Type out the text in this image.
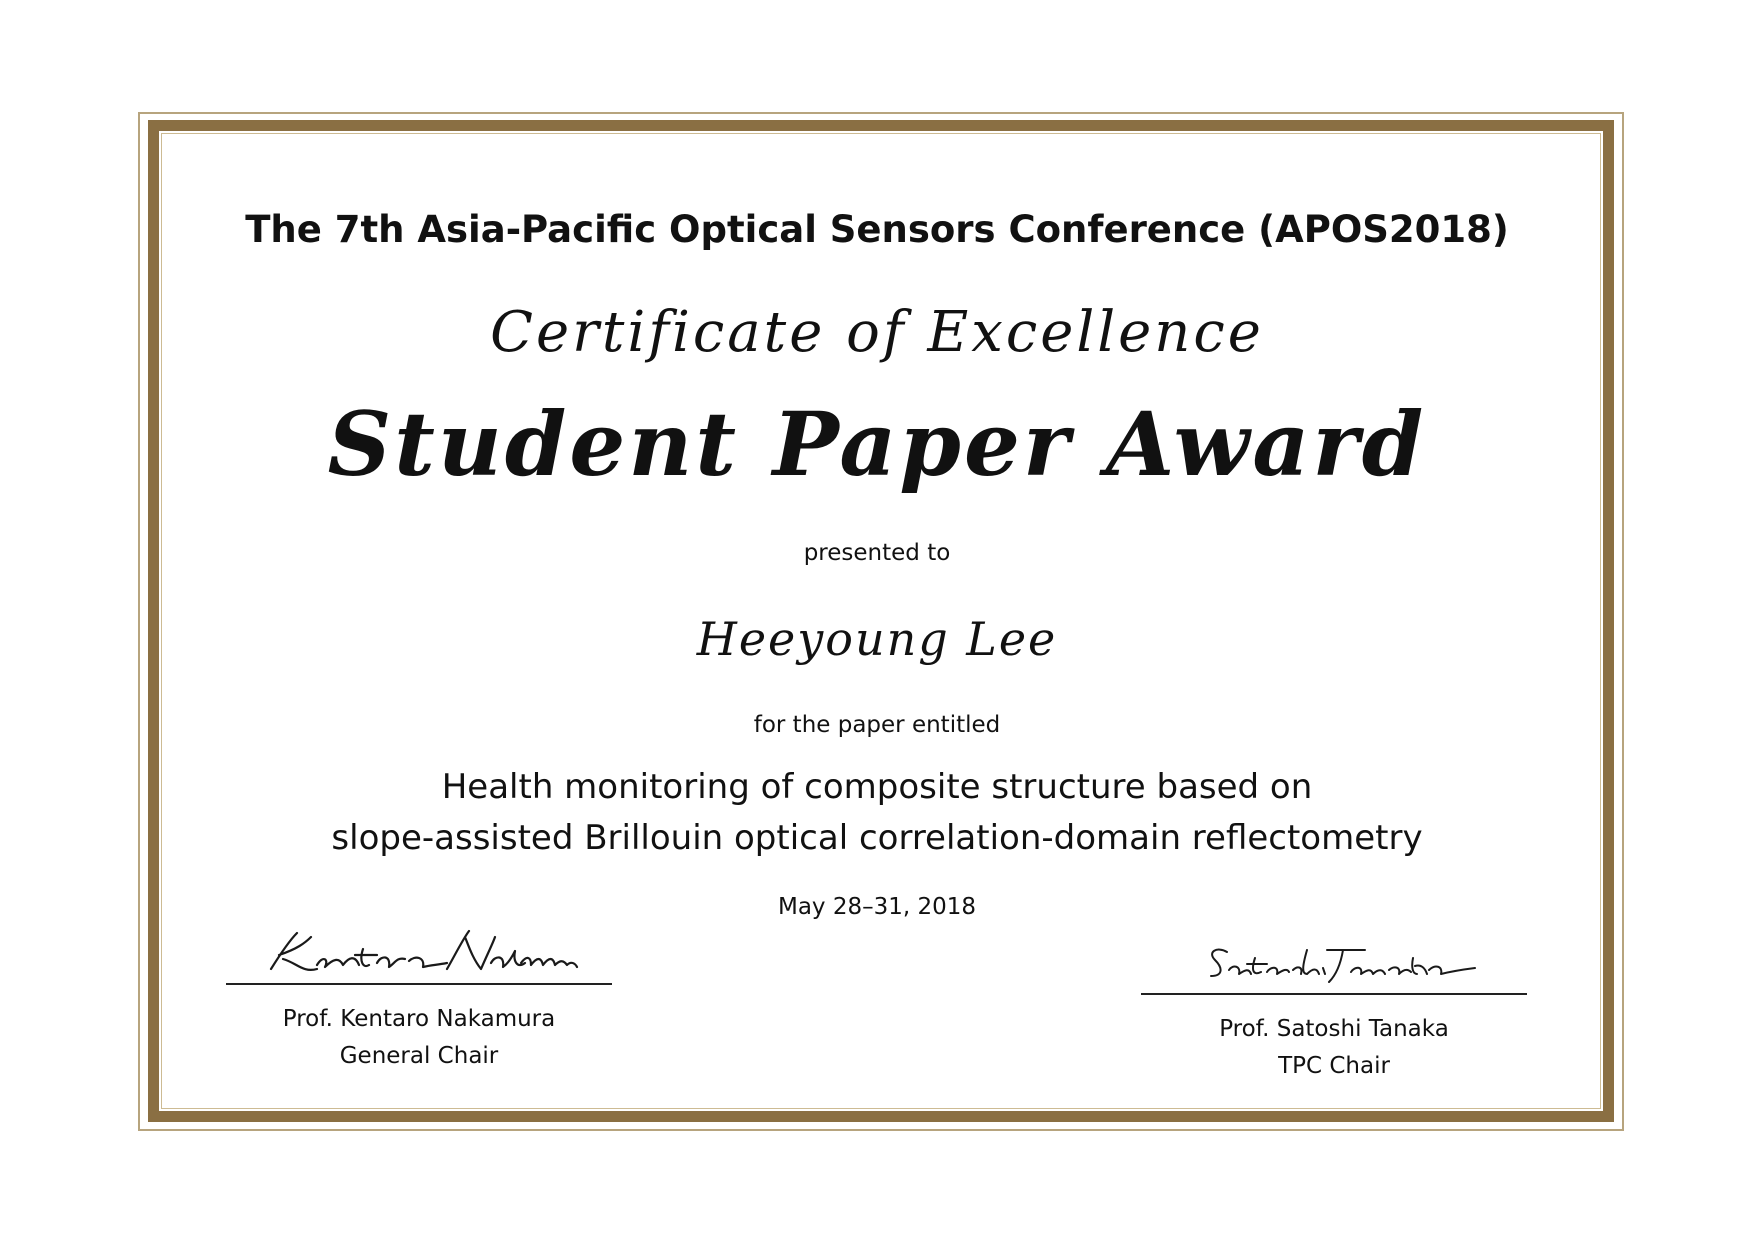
The 7th Asia-Pacific Optical Sensors Conference (APOS2018)
Certificate of Excellence
Student Paper Award
presented to
Heeyoung Lee
for the paper entitled
Health monitoring of composite structure based on
slope-assisted Brillouin optical correlation-domain reflectometry
May 28–31, 2018
Prof. Kentaro Nakamura
General Chair
Prof. Satoshi Tanaka
TPC Chair
